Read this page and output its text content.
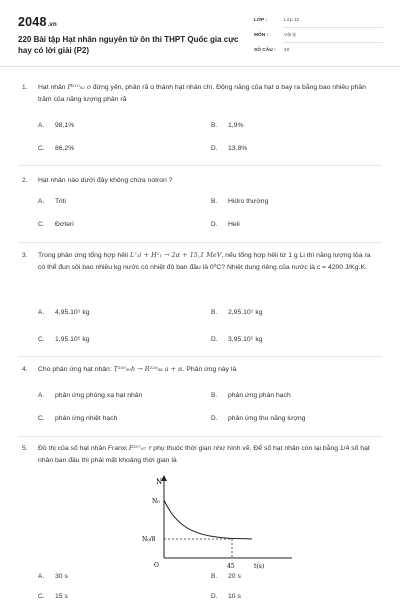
2048.vn
220 Bài tập Hạt nhân nguyên tử ôn thi THPT Quốc gia cực hay có lời giải (P2)
LỚP :	Lớp 12
MÔN :	Vật lý
SỐ CÂU : 40
1. Hạt nhân P²¹⁰₈₂ o đứng yên, phân rã α thành hạt nhân chì. Động năng của hạt α bay ra bằng bao nhiêu phần trăm của năng lượng phân rã
A. 98,1%	B. 1,9%
C. 86,2%	D. 13,8%
2. Hạt nhân nào dưới đây không chứa notron ?
A. Triti	B. Hidro thường
C. Đơteri	D. Heli
3. Trong phản ứng tổng hợp hêli L⁷₃i + H¹₁ → 2α + 15,1 MeV, nếu tổng hợp hêli từ 1 g Li thì năng lượng tỏa ra có thể đun sôi bao nhiêu kg nước có nhiệt độ ban đầu là 0⁰C? Nhiệt dung riêng của nước là c = 4200 J/Kg.K.
A. 4,95.10⁵ kg	B. 2,95.10⁵ kg
C. 1,95.10⁵ kg	D. 3,95.10⁵ kg
4. Cho phản ứng hạt nhân: T²³⁰₉₀h → R²²⁶₈₈ a + α. Phản ứng này là
A. phản ứng phóng xạ hạt nhân	B. phản ứng phân hạch
C. phản ứng nhiệt hạch	D. phản ứng thu năng lượng
5. Đồ thị của số hạt nhân Franxi F²⁰⁷₈₇ r phụ thuộc thời gian như hình vẽ. Để số hạt nhân còn lại bằng 1/4 số hạt nhân ban đầu thì phải mất khoảng thời gian là
N
N₀
N₀/8
O	45	t(s)
A. 30 s	B. 20 s
C. 15 s	D. 10 s
